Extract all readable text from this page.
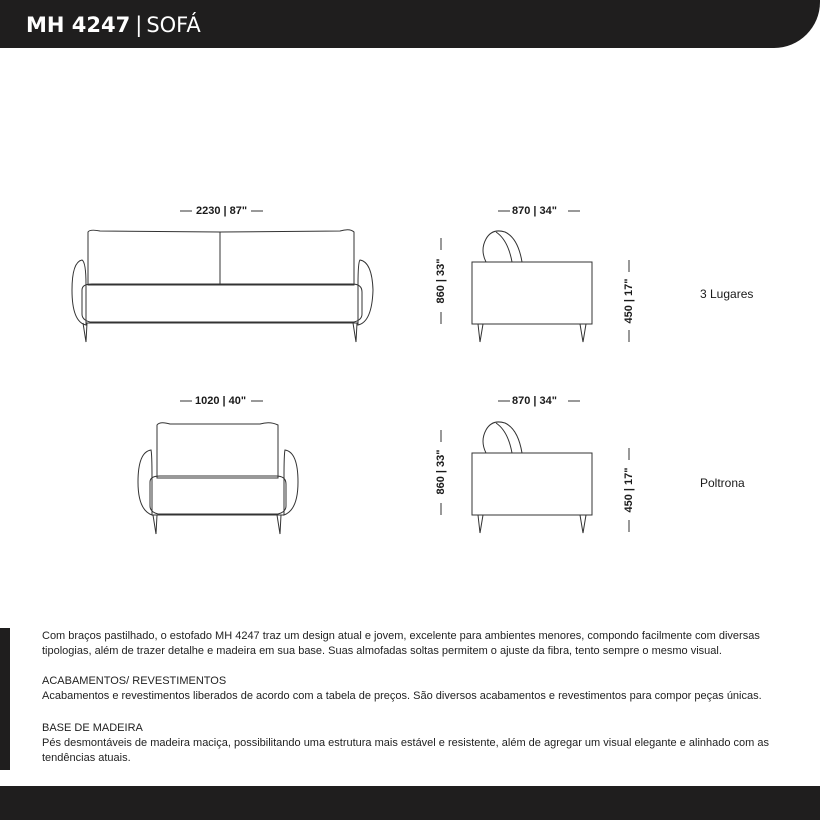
MH 4247 | SOFÁ
2230 | 87"	870 | 34"
860 | 33"	450 | 17"	3 Lugares
1020 | 40"	870 | 34"
860 | 33"	450 | 17"	Poltrona
Com braços pastilhado, o estofado MH 4247 traz um design atual e jovem, excelente para ambientes menores, compondo facilmente com diversas tipologias, além de trazer detalhe e madeira em sua base. Suas almofadas soltas permitem o ajuste da fibra, tento sempre o mesmo visual.
ACABAMENTOS/ REVESTIMENTOS
Acabamentos e revestimentos liberados de acordo com a tabela de preços. São diversos acabamentos e revestimentos para compor peças únicas.
BASE DE MADEIRA
Pés desmontáveis de madeira maciça, possibilitando uma estrutura mais estável e resistente, além de agregar um visual elegante e alinhado com as tendências atuais.
